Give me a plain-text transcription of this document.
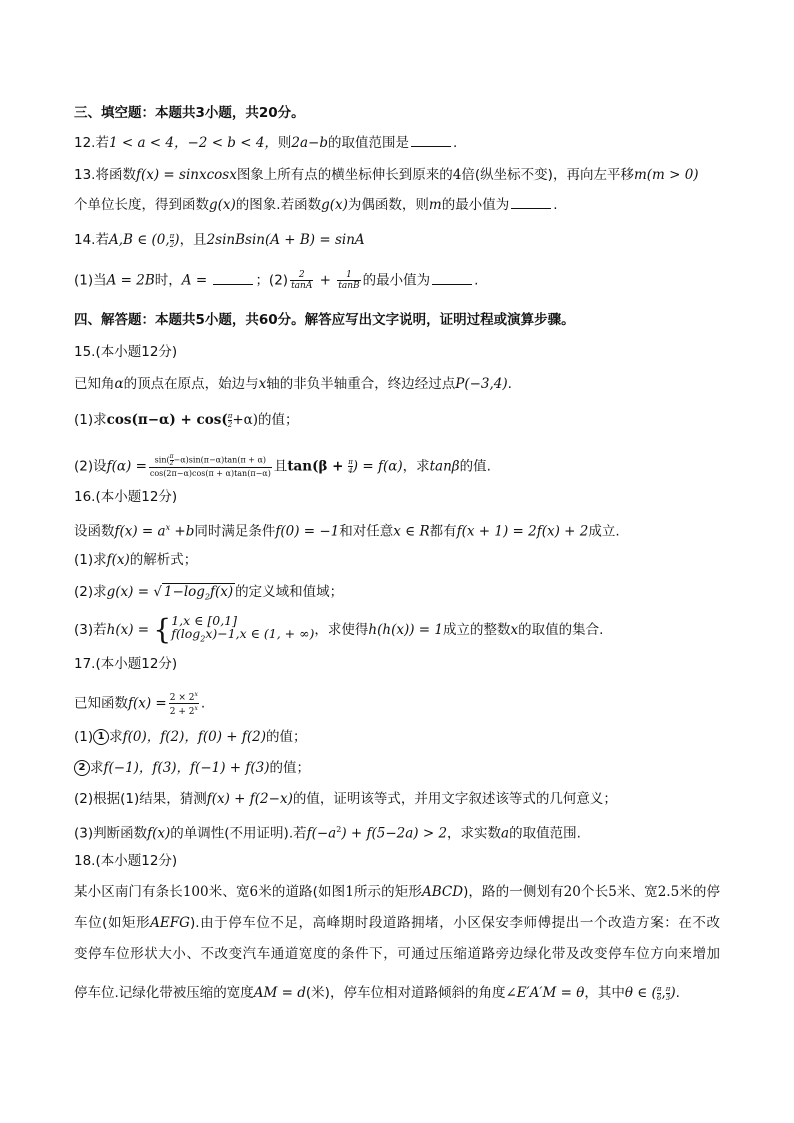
三、填空题：本题共3小题，共20分。
12.若1 < a < 4，−2 < b < 4，则2a−b的取值范围是	.
13.将函数f(x) = sinxcosx图象上所有点的横坐标伸长到原来的4倍(纵坐标不变)，再向左平移m(m > 0)
个单位长度，得到函数g(x)的图象.若函数g(x)为偶函数，则m的最小值为	.
14.若A,B ∈ (0, $\frac{\pi}{2}$ )，且2sinBsin(A + B) = sinA
(1)当A = 2B时，A =	；$(2) \frac{2}{\tan A} + \frac{1}{\tan B}$ 的最小值为	.
四、解答题：本题共5小题，共60分。解答应写出文字说明，证明过程或演算步骤。
15.(本小题12分)
已知角α的顶点在原点，始边与x轴的非负半轴重合，终边经过点P(−3,4).
(1)求$\cos(\pi-\alpha) + \cos( \frac{\pi}{2} +\alpha)$的值；
(2)设$f(\alpha) = \frac{\sin( \frac{\pi}{2} -\alpha)\sin(\pi-\alpha)\tan(\pi + \alpha)}{\cos(2\pi-\alpha)\cos(\pi + \alpha)\tan(\pi-\alpha)}$ 且$\tan(\beta + \frac{\pi}{4}$ ) = f(α)，求tanβ的值.
16.(本小题12分)
设函数$f(x) = a^x +b$同时满足条件f(0) = −1和对任意x ∈ R都有f(x + 1) = 2f(x) + 2成立.
(1)求f(x)的解析式；
(2)求g(x) = √ $1-\log_2f(x)$ 的定义域和值域；
(3)若h(x) = { 1,x ∈ [0,1]
$f(\log_2x)-1,x$ ∈ (1, + ∞) ，求使得h(h(x)) = 1成立的整数x的取值的集合.
17.(本小题12分)
已知函数$f(x) = \frac{2 \times 2^x}{2 + 2^x}$ .
(1) 1 求f(0)，f(2)，f(0) + f(2)的值；
2 求f(−1)，f(3)，f(−1) + f(3)的值；
(2)根据(1)结果，猜测f(x) + f(2−x)的值，证明该等式，并用文字叙述该等式的几何意义；
(3)判断函数f(x)的单调性(不用证明).若$f(-a^2) + f(5-2a) > 2$，求实数a的取值范围.
18.(本小题12分)
某小区南门有条长100米、宽6米的道路(如图1所示的矩形ABCD)，路的一侧划有20个长5米、宽2.5米的停
车位(如矩形AEFG).由于停车位不足，高峰期时段道路拥堵，小区保安李师傅提出一个改造方案：在不改
变停车位形状大小、不改变汽车通道宽度的条件下，可通过压缩道路旁边绿化带及改变停车位方向来增加
停车位.记绿化带被压缩的宽度AM = d(米)，停车位相对道路倾斜的角度∠E′A′M = θ，其中θ ∈ ( $\frac{\pi}{6}$ , $\frac{\pi}{3}$ ).
